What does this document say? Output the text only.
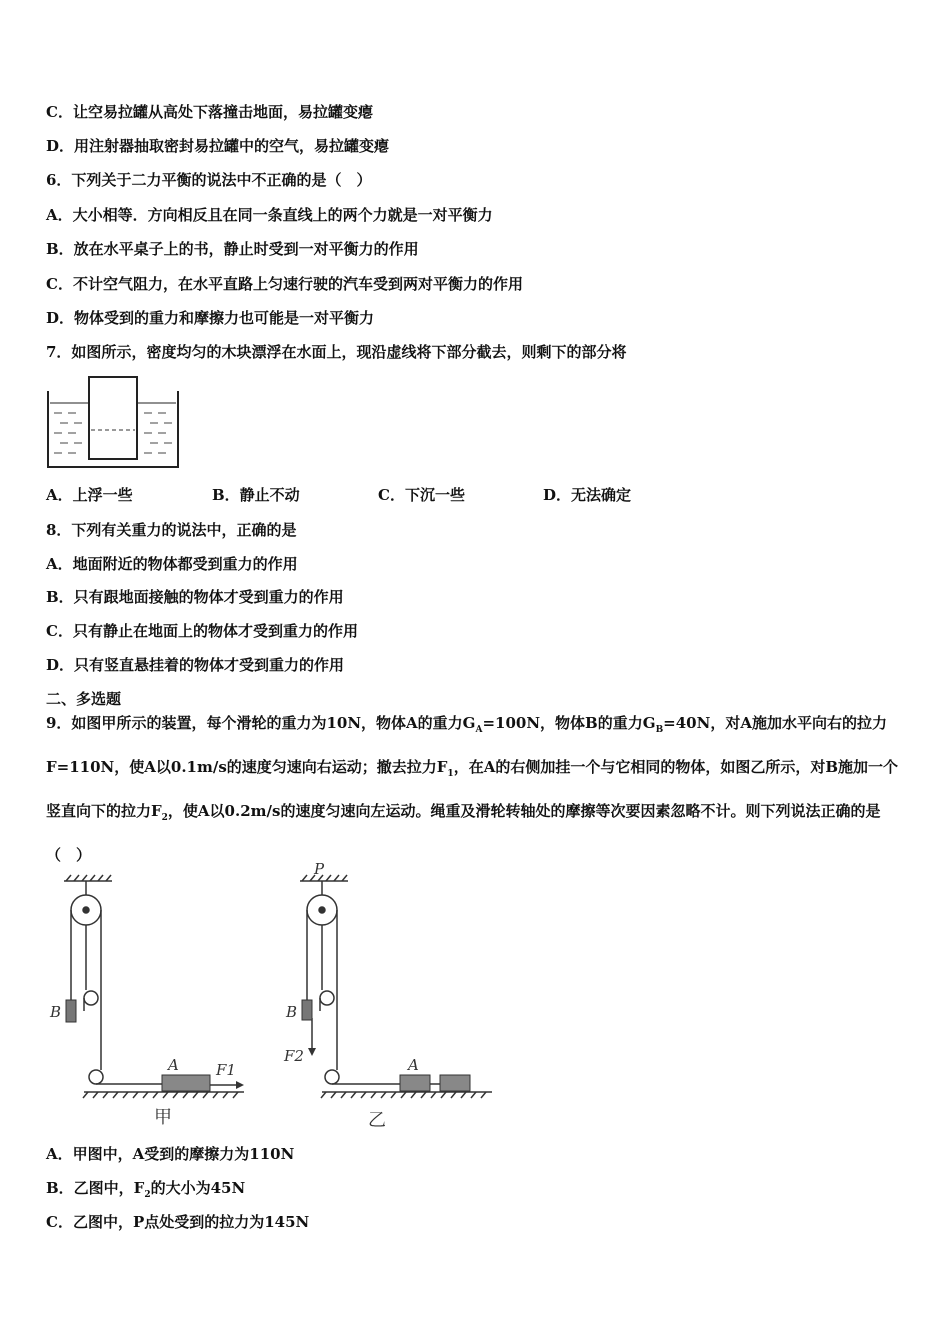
C．让空易拉罐从高处下落撞击地面，易拉罐变瘪
D．用注射器抽取密封易拉罐中的空气，易拉罐变瘪
6．下列关于二力平衡的说法中不正确的是（　）
A．大小相等．方向相反且在同一条直线上的两个力就是一对平衡力
B．放在水平桌子上的书，静止时受到一对平衡力的作用
C．不计空气阻力，在水平直路上匀速行驶的汽车受到两对平衡力的作用
D．物体受到的重力和摩擦力也可能是一对平衡力
7．如图所示，密度均匀的木块漂浮在水面上，现沿虚线将下部分截去，则剩下的部分将
A．上浮一些	B．静止不动	C．下沉一些	D．无法确定
8．下列有关重力的说法中，正确的是
A．地面附近的物体都受到重力的作用
B．只有跟地面接触的物体才受到重力的作用
C．只有静止在地面上的物体才受到重力的作用
D．只有竖直悬挂着的物体才受到重力的作用
二、多选题
9．如图甲所示的装置，每个滑轮的重力为10N，物体A的重力$G_A=100N$，物体B的重力$G_B=40N$，对A施加水平向右的拉力F=110N，使A以0.1m/s的速度匀速向右运动；撤去拉力$F_1$，在A的右侧加挂一个与它相同的物体，如图乙所示，对B施加一个竖直向下的拉力$F_2$，使A以0.2m/s的速度匀速向左运动。绳重及滑轮转轴处的摩擦等次要因素忽略不计。则下列说法正确的是（　）
B
A F1
甲
P
B
F2	A
乙
A．甲图中，A受到的摩擦力为110N
B．乙图中，$F_2$的大小为45N
C．乙图中，P点处受到的拉力为145N
